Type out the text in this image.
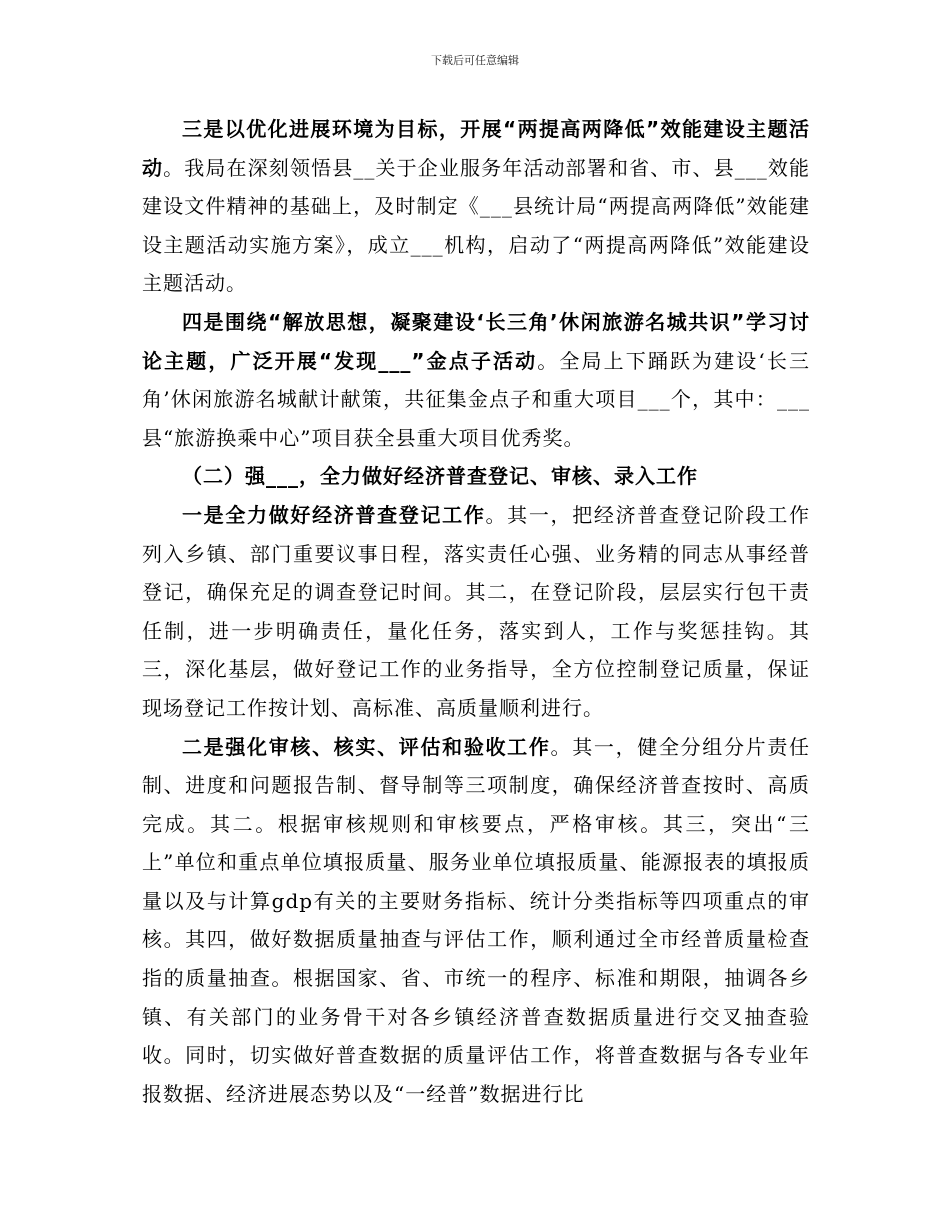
下载后可任意编辑

三是以优化进展环境为目标，开展“两提高两降低”效能建设主题活动。我局在深刻领悟县__关于企业服务年活动部署和省、市、县___效能建设文件精神的基础上，及时制定《___县统计局“两提高两降低”效能建设主题活动实施方案》，成立___机构，启动了“两提高两降低”效能建设主题活动。

四是围绕“解放思想，凝聚建设‘长三角’休闲旅游名城共识”学习讨论主题，广泛开展“发现___”金点子活动。全局上下踊跃为建设‘长三角’休闲旅游名城献计献策，共征集金点子和重大项目___个，其中：___县“旅游换乘中心”项目获全县重大项目优秀奖。

（二）强___，全力做好经济普查登记、审核、录入工作

一是全力做好经济普查登记工作。其一，把经济普查登记阶段工作列入乡镇、部门重要议事日程，落实责任心强、业务精的同志从事经普登记，确保充足的调查登记时间。其二，在登记阶段，层层实行包干责任制，进一步明确责任，量化任务，落实到人，工作与奖惩挂钩。其三，深化基层，做好登记工作的业务指导，全方位控制登记质量，保证现场登记工作按计划、高标准、高质量顺利进行。

二是强化审核、核实、评估和验收工作。其一，健全分组分片责任制、进度和问题报告制、督导制等三项制度，确保经济普查按时、高质完成。其二。根据审核规则和审核要点，严格审核。其三，突出“三上”单位和重点单位填报质量、服务业单位填报质量、能源报表的填报质量以及与计算gdp有关的主要财务指标、统计分类指标等四项重点的审核。其四，做好数据质量抽查与评估工作，顺利通过全市经普质量检查指的质量抽查。根据国家、省、市统一的程序、标准和期限，抽调各乡镇、有关部门的业务骨干对各乡镇经济普查数据质量进行交叉抽查验收。同时，切实做好普查数据的质量评估工作，将普查数据与各专业年报数据、经济进展态势以及“一经普”数据进行比
